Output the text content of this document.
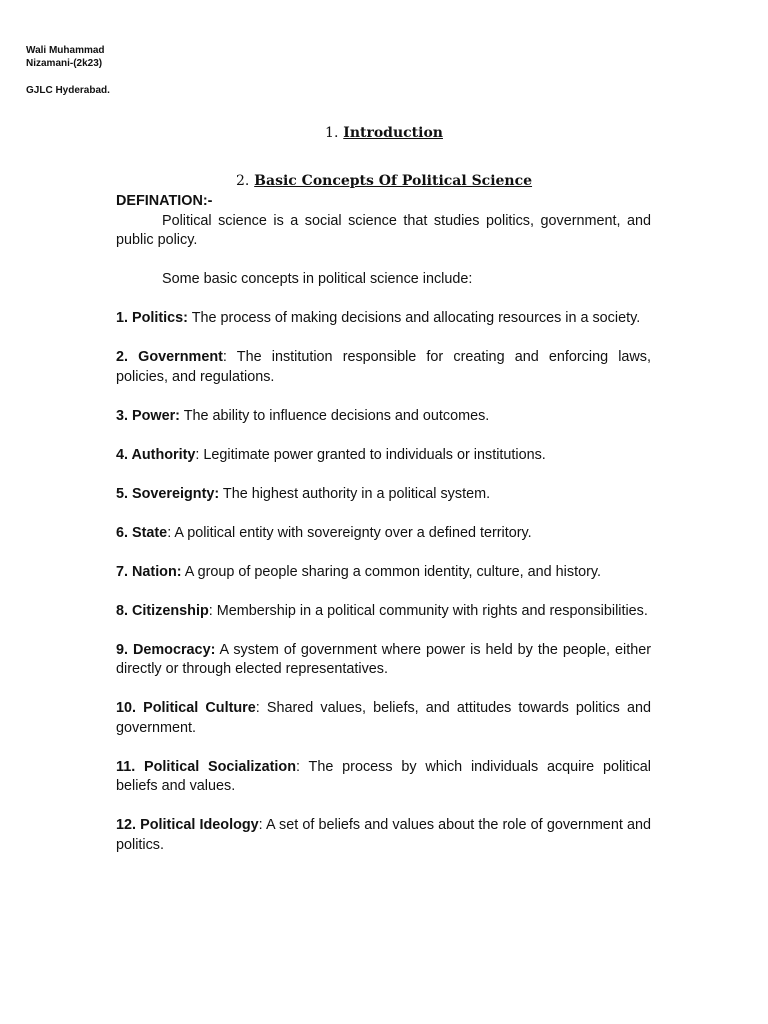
Wali Muhammad
Nizamani-(2k23)
GJLC Hyderabad.
1. Introduction
2. Basic Concepts Of Political Science

DEFINATION:-

Political science is a social science that studies politics, government, and public policy.

Some basic concepts in political science include:

1. Politics: The process of making decisions and allocating resources in a society.

2. Government: The institution responsible for creating and enforcing laws, policies, and regulations.

3. Power: The ability to influence decisions and outcomes.

4. Authority: Legitimate power granted to individuals or institutions.

5. Sovereignty: The highest authority in a political system.

6. State: A political entity with sovereignty over a defined territory.

7. Nation: A group of people sharing a common identity, culture, and history.

8. Citizenship: Membership in a political community with rights and responsibilities.

9. Democracy: A system of government where power is held by the people, either directly or through elected representatives.

10. Political Culture: Shared values, beliefs, and attitudes towards politics and government.

11. Political Socialization: The process by which individuals acquire political beliefs and values.

12. Political Ideology: A set of beliefs and values about the role of government and politics.
